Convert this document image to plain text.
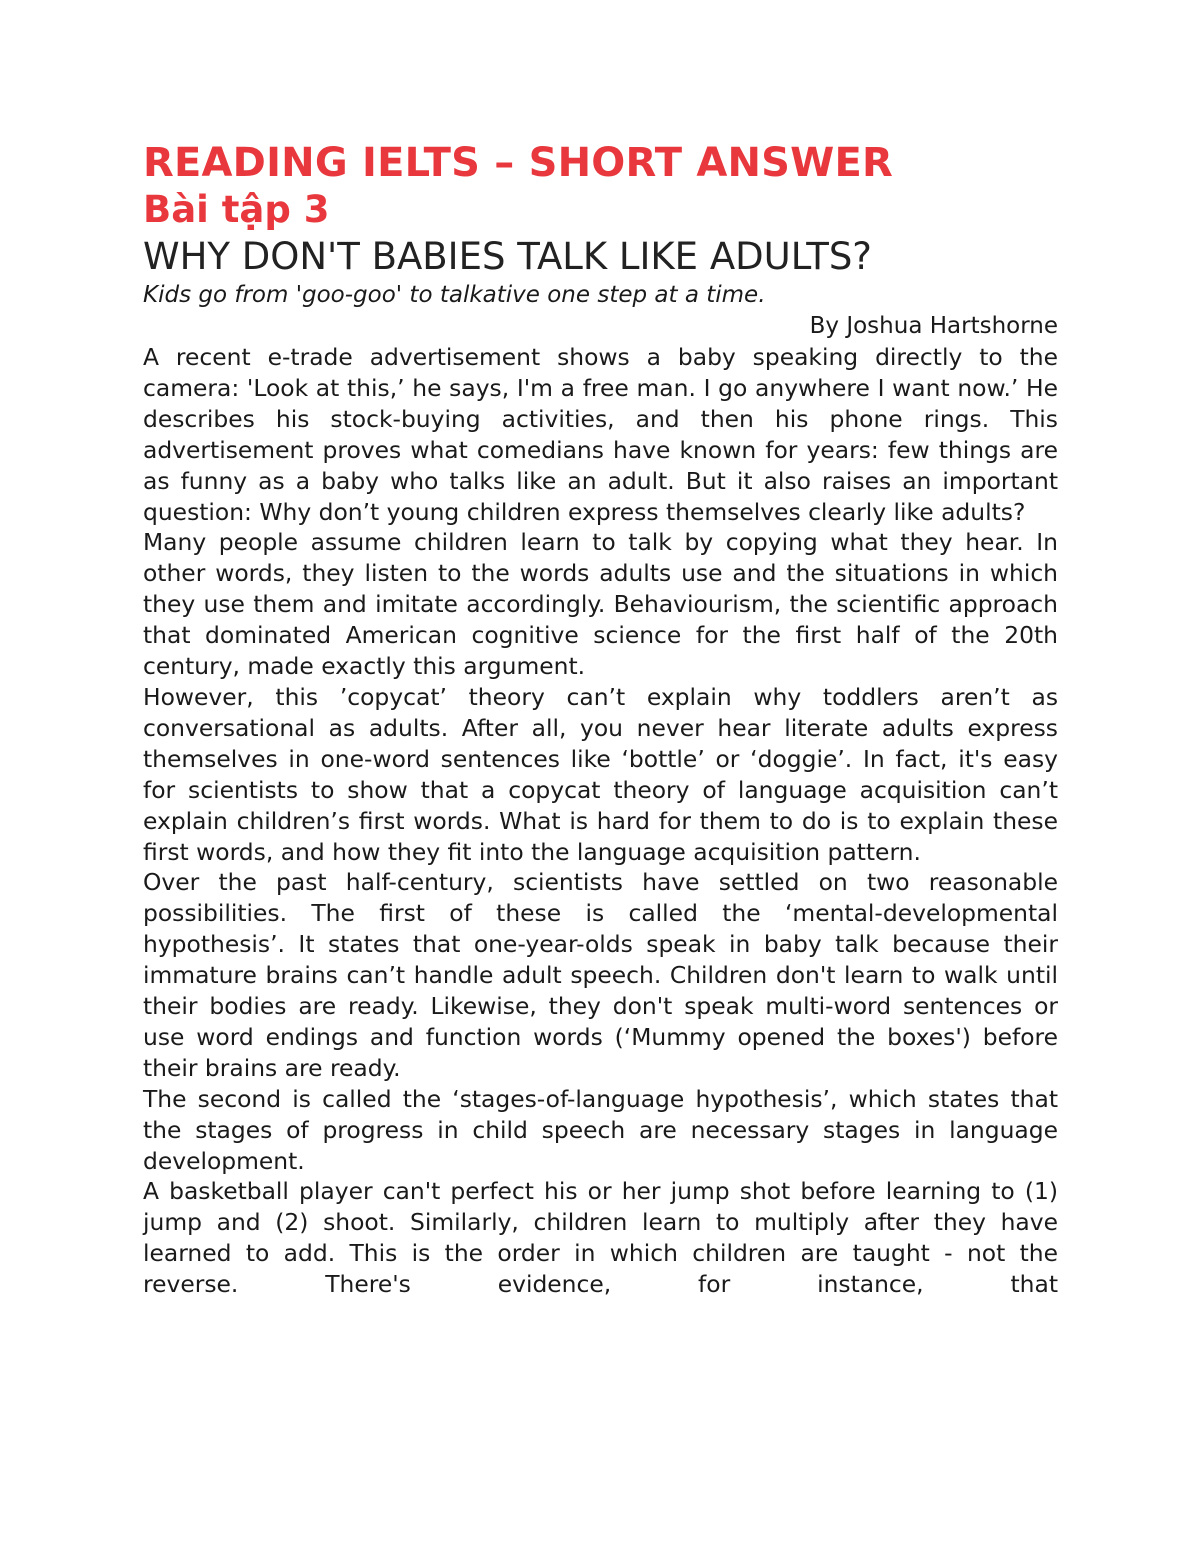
READING IELTS – SHORT ANSWER
Bài tập 3
WHY DON'T BABIES TALK LIKE ADULTS?

Kids go from 'goo-goo' to talkative one step at a time.

By Joshua Hartshorne

A recent e-trade advertisement shows a baby speaking directly to the camera: 'Look at this,’ he says, I'm a free man. I go anywhere I want now.’ He describes his stock-buying activities, and then his phone rings. This advertisement proves what comedians have known for years: few things are as funny as a baby who talks like an adult. But it also raises an important question: Why don’t young children express themselves clearly like adults?

Many people assume children learn to talk by copying what they hear. In other words, they listen to the words adults use and the situations in which they use them and imitate accordingly. Behaviourism, the scientific approach that dominated American cognitive science for the first half of the 20th century, made exactly this argument.

However, this ’copycat’ theory can’t explain why toddlers aren’t as conversational as adults. After all, you never hear literate adults express themselves in one-word sentences like ‘bottle’ or ‘doggie’. In fact, it's easy for scientists to show that a copycat theory of language acquisition can’t explain children’s first words. What is hard for them to do is to explain these first words, and how they fit into the language acquisition pattern.

Over the past half-century, scientists have settled on two reasonable possibilities. The first of these is called the ‘mental-developmental hypothesis’. It states that one-year-olds speak in baby talk because their immature brains can’t handle adult speech. Children don't learn to walk until their bodies are ready. Likewise, they don't speak multi-word sentences or use word endings and function words (‘Mummy opened the boxes') before their brains are ready.

The second is called the ‘stages-of-language hypothesis’, which states that the stages of progress in child speech are necessary stages in language development.

A basketball player can't perfect his or her jump shot before learning to (1) jump and (2) shoot. Similarly, children learn to multiply after they have learned to add. This is the order in which children are taught - not the reverse. There's evidence, for instance, that
